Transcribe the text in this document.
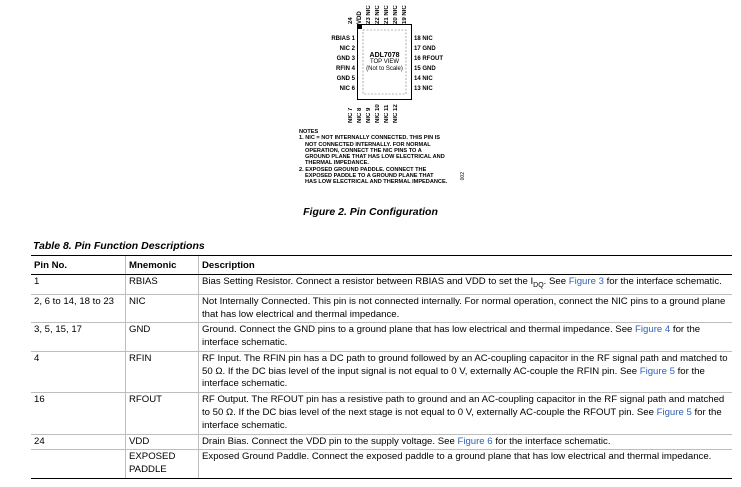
24 VDD 23 NIC 22 NIC 21 NIC 20 NIC 19 NIC
RBIAS 1
NIC 2
GND 3
RFIN 4
GND 5
NIC 6
18 NIC
17 GND
16 RFOUT
15 GND
14 NIC
13 NIC
ADL7078
TOP VIEW
(Not to Scale)
NIC 7 NIC 8 NIC 9 NIC 10 NIC 11 NIC 12
NOTES
1. NIC = NOT INTERNALLY CONNECTED. THIS PIN IS
NOT CONNECTED INTERNALLY. FOR NORMAL
OPERATION, CONNECT THE NIC PINS TO A
GROUND PLANE THAT HAS LOW ELECTRICAL AND
THERMAL IMPEDANCE.
2. EXPOSED GROUND PADDLE. CONNECT THE
EXPOSED PADDLE TO A GROUND PLANE THAT
HAS LOW ELECTRICAL AND THERMAL IMPEDANCE.
002
Figure 2. Pin Configuration
Table 8. Pin Function Descriptions
Pin No.	Mnemonic	Description
1	RBIAS	Bias Setting Resistor. Connect a resistor between RBIAS and VDD to set the $I_{DQ}$. See Figure 3 for the interface schematic.
2, 6 to 14, 18 to 23	NIC	Not Internally Connected. This pin is not connected internally. For normal operation, connect the NIC pins to a ground plane that has low electrical and thermal impedance.
3, 5, 15, 17	GND	Ground. Connect the GND pins to a ground plane that has low electrical and thermal impedance. See Figure 4 for the interface schematic.
4	RFIN	RF Input. The RFIN pin has a DC path to ground followed by an AC-coupling capacitor in the RF signal path and matched to 50 Ω. If the DC bias level of the input signal is not equal to 0 V, externally AC-couple the RFIN pin. See Figure 5 for the interface schematic.
16	RFOUT	RF Output. The RFOUT pin has a resistive path to ground and an AC-coupling capacitor in the RF signal path and matched to 50 Ω. If the DC bias level of the next stage is not equal to 0 V, externally AC-couple the RFOUT pin. See Figure 5 for the interface schematic.
24	VDD	Drain Bias. Connect the VDD pin to the supply voltage. See Figure 6 for the interface schematic.
	EXPOSED PADDLE	Exposed Ground Paddle. Connect the exposed paddle to a ground plane that has low electrical and thermal impedance.
